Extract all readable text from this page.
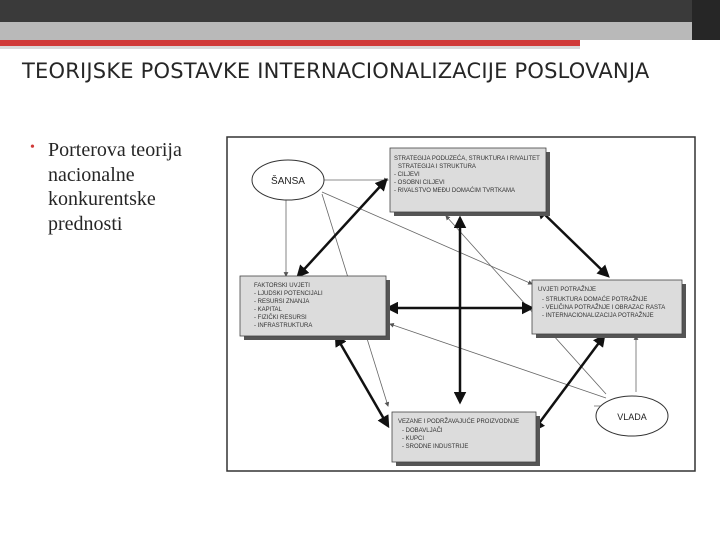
TEORIJSKE POSTAVKE INTERNACIONALIZACIJE POSLOVANJA
• Porterova teorija nacionalne konkurentske prednosti
ŠANSA
VLADA
STRATEGIJA PODUZEĆA, STRUKTURA I RIVALITET
STRATEGIJA I STRUKTURA
- CILJEVI
- OSOBNI CILJEVI
- RIVALSTVO MEĐU DOMAĆIM TVRTKAMA
FAKTORSKI UVJETI
- LJUDSKI POTENCIJALI
- RESURSI ZNANJA
- KAPITAL
- FIZIČKI RESURSI
- INFRASTRUKTURA
UVJETI POTRAŽNJE
- STRUKTURA DOMAĆE POTRAŽNJE
- VELIČINA POTRAŽNJE I OBRAZAC RASTA
- INTERNACIONALIZACIJA POTRAŽNJE
VEZANE I PODRŽAVAJUĆE PROIZVODNJE
- DOBAVLJAČI
- KUPCI
- SRODNE INDUSTRIJE
